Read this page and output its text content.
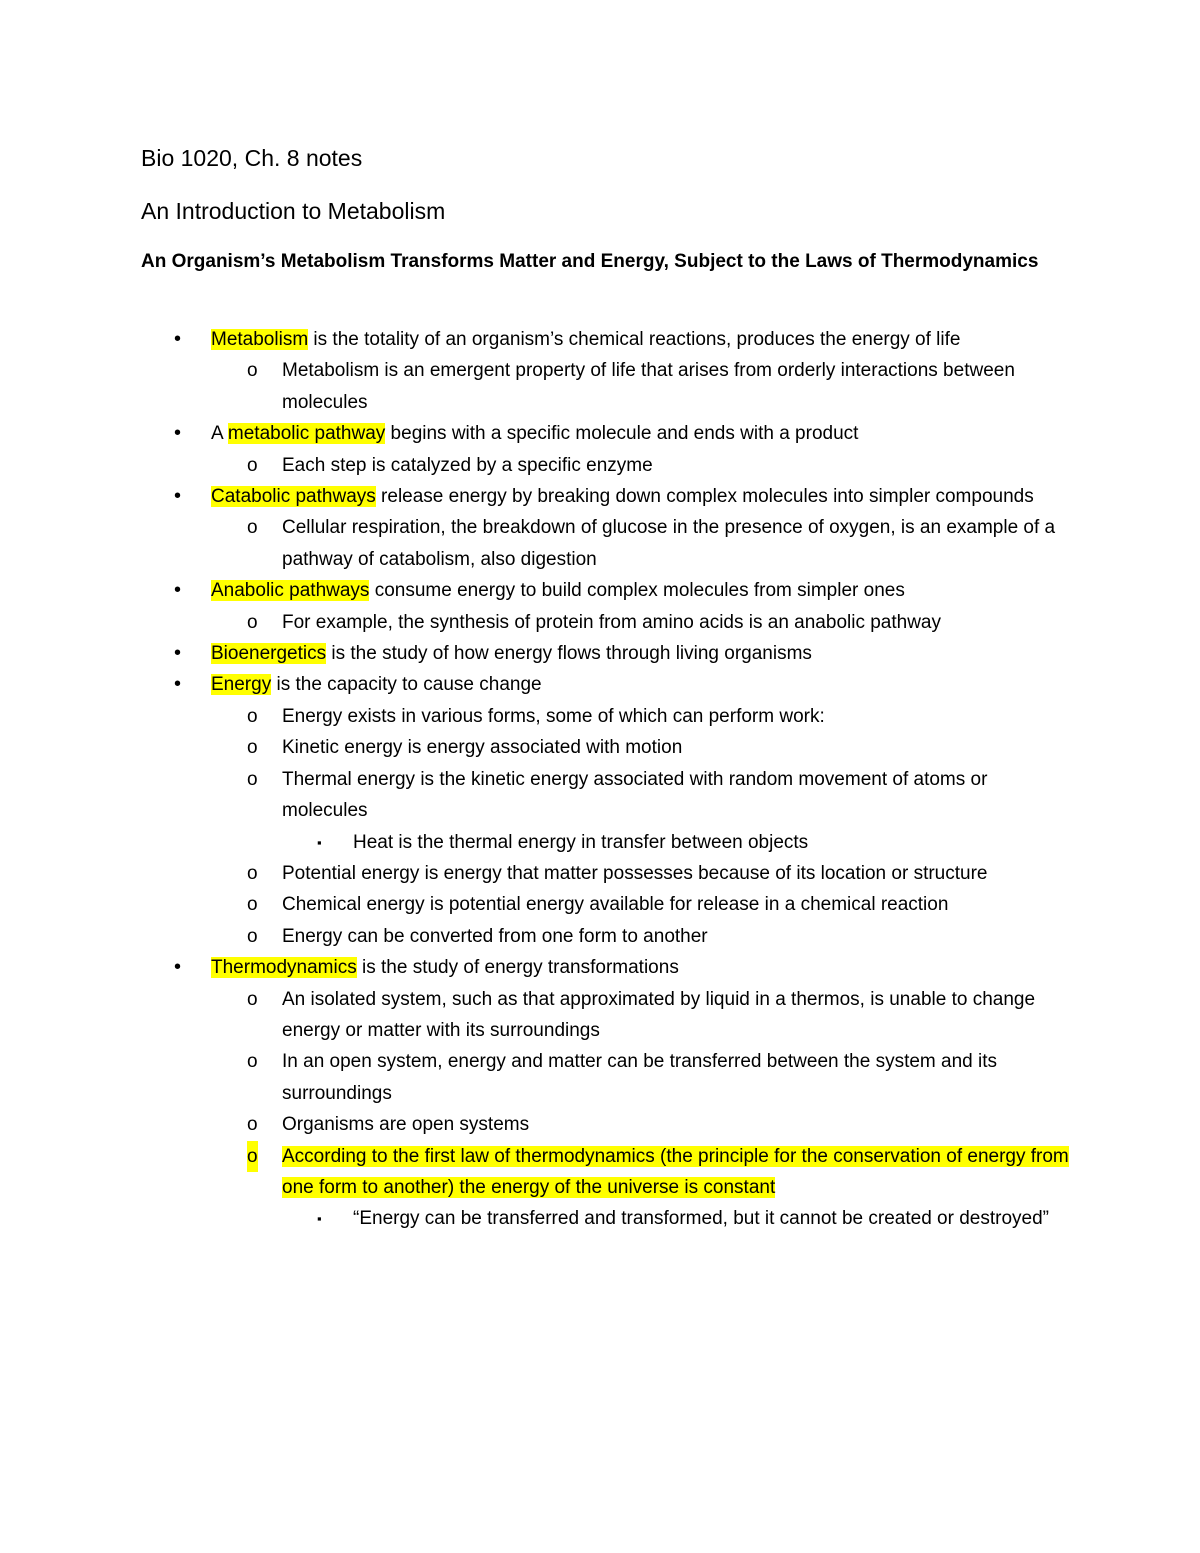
Bio 1020, Ch. 8 notes
An Introduction to Metabolism
An Organism’s Metabolism Transforms Matter and Energy, Subject to the Laws of Thermodynamics
• Metabolism is the totality of an organism’s chemical reactions, produces the energy of life
o Metabolism is an emergent property of life that arises from orderly interactions between molecules
• A metabolic pathway begins with a specific molecule and ends with a product
o Each step is catalyzed by a specific enzyme
• Catabolic pathways release energy by breaking down complex molecules into simpler compounds
o Cellular respiration, the breakdown of glucose in the presence of oxygen, is an example of a pathway of catabolism, also digestion
• Anabolic pathways consume energy to build complex molecules from simpler ones
o For example, the synthesis of protein from amino acids is an anabolic pathway
• Bioenergetics is the study of how energy flows through living organisms
• Energy is the capacity to cause change
o Energy exists in various forms, some of which can perform work:
o Kinetic energy is energy associated with motion
o Thermal energy is the kinetic energy associated with random movement of atoms or molecules
▪ Heat is the thermal energy in transfer between objects
o Potential energy is energy that matter possesses because of its location or structure
o Chemical energy is potential energy available for release in a chemical reaction
o Energy can be converted from one form to another
• Thermodynamics is the study of energy transformations
o An isolated system, such as that approximated by liquid in a thermos, is unable to change energy or matter with its surroundings
o In an open system, energy and matter can be transferred between the system and its surroundings
o Organisms are open systems
o According to the first law of thermodynamics (the principle for the conservation of energy from one form to another) the energy of the universe is constant
▪ “Energy can be transferred and transformed, but it cannot be created or destroyed”
